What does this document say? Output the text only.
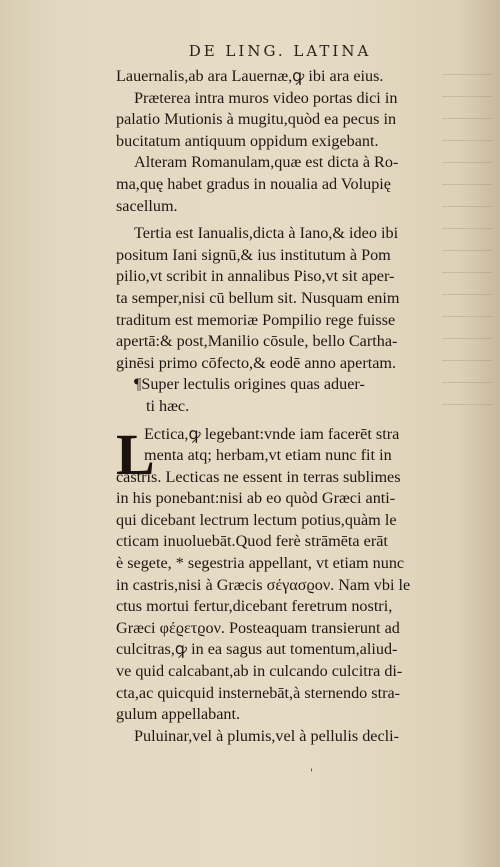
DE LING. LATINA
Lauernalis,ab ara Lauernæ,ꝙ ibi ara eius.
Præterea intra muros video portas dici in
palatio Mutionis à mugitu,quòd ea pecus in
bucitatum antiquum oppidum exigebant.
Alteram Romanulam,quæ est dicta à Ro-
ma,quę habet gradus in noualia ad Volupię
sacellum.
Tertia est Ianualis,dicta à Iano,& ideo ibi
positum Iani signū,& ius institutum à Pom
pilio,vt scribit in annalibus Piso,vt sit aper-
ta semper,nisi cū bellum sit. Nusquam enim
traditum est memoriæ Pompilio rege fuisse
apertā:& post,Manilio cōsule, bello Cartha-
ginēsi primo cōfecto,& eodē anno apertam.
¶Super lectulis origines quas aduer-
ti hæc.
L
Ectica,ꝙ legebant:vnde iam facerēt stra
menta atq; herbam,vt etiam nunc fit in
castris. Lecticas ne essent in terras sublimes
in his ponebant:nisi ab eo quòd Græci anti-
qui dicebant lectrum lectum potius,quàm le
cticam inuoluebāt.Quod ferè strāmēta erāt
è segete, * segestria appellant, vt etiam nunc
in castris,nisi à Græcis σέγασϱον. Nam vbi le
ctus mortui fertur,dicebant feretrum nostri,
Græci φέϱετϱον. Posteaquam transierunt ad
culcitras,ꝙ in ea sagus aut tomentum,aliud-
ve quid calcabant,ab in culcando culcitra di-
cta,ac quicquid insternebāt,à sternendo stra-
gulum appellabant.
Puluinar,vel à plumis,vel à pellulis decli-
'
